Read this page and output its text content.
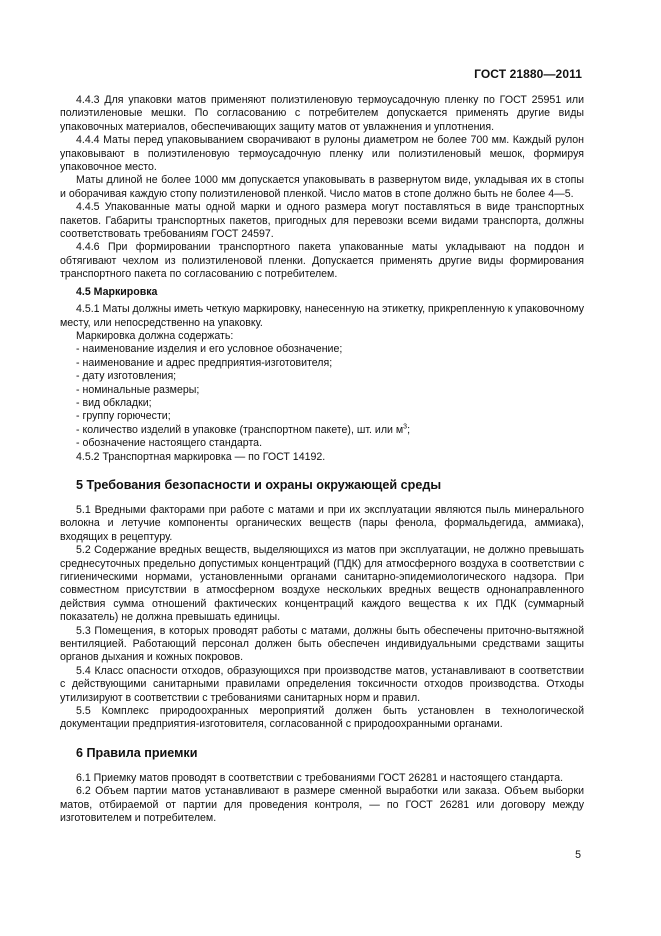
ГОСТ 21880—2011

4.4.3 Для упаковки матов применяют полиэтиленовую термоусадочную пленку по ГОСТ 25951 или полиэтиленовые мешки. По согласованию с потребителем допускается применять другие виды упаковочных материалов, обеспечивающих защиту матов от увлажнения и уплотнения.

4.4.4 Маты перед упаковыванием сворачивают в рулоны диаметром не более 700 мм. Каждый рулон упаковывают в полиэтиленовую термоусадочную пленку или полиэтиленовый мешок, формируя упаковочное место.

Маты длиной не более 1000 мм допускается упаковывать в развернутом виде, укладывая их в стопы и оборачивая каждую стопу полиэтиленовой пленкой. Число матов в стопе должно быть не более 4—5.

4.4.5 Упакованные маты одной марки и одного размера могут поставляться в виде транспортных пакетов. Габариты транспортных пакетов, пригодных для перевозки всеми видами транспорта, должны соответствовать требованиям ГОСТ 24597.

4.4.6 При формировании транспортного пакета упакованные маты укладывают на поддон и обтягивают чехлом из полиэтиленовой пленки. Допускается применять другие виды формирования транспортного пакета по согласованию с потребителем.

4.5 Маркировка

4.5.1 Маты должны иметь четкую маркировку, нанесенную на этикетку, прикрепленную к упаковочному месту, или непосредственно на упаковку.

Маркировка должна содержать:

- наименование изделия и его условное обозначение;

- наименование и адрес предприятия-изготовителя;

- дату изготовления;

- номинальные размеры;

- вид обкладки;

- группу горючести;

- количество изделий в упаковке (транспортном пакете), шт. или $м^3$;

- обозначение настоящего стандарта.

4.5.2 Транспортная маркировка — по ГОСТ 14192.

5 Требования безопасности и охраны окружающей среды

5.1 Вредными факторами при работе с матами и при их эксплуатации являются пыль минерального волокна и летучие компоненты органических веществ (пары фенола, формальдегида, аммиака), входящих в рецептуру.

5.2 Содержание вредных веществ, выделяющихся из матов при эксплуатации, не должно превышать среднесуточных предельно допустимых концентраций (ПДК) для атмосферного воздуха в соответствии с гигиеническими нормами, установленными органами санитарно-эпидемиологического надзора. При совместном присутствии в атмосферном воздухе нескольких вредных веществ однонаправленного действия сумма отношений фактических концентраций каждого вещества к их ПДК (суммарный показатель) не должна превышать единицы.

5.3 Помещения, в которых проводят работы с матами, должны быть обеспечены приточно-вытяжной вентиляцией. Работающий персонал должен быть обеспечен индивидуальными средствами защиты органов дыхания и кожных покровов.

5.4 Класс опасности отходов, образующихся при производстве матов, устанавливают в соответствии с действующими санитарными правилами определения токсичности отходов производства. Отходы утилизируют в соответствии с требованиями санитарных норм и правил.

5.5 Комплекс природоохранных мероприятий должен быть установлен в технологической документации предприятия-изготовителя, согласованной с природоохранными органами.

6 Правила приемки

6.1 Приемку матов проводят в соответствии с требованиями ГОСТ 26281 и настоящего стандарта.

6.2 Объем партии матов устанавливают в размере сменной выработки или заказа. Объем выборки матов, отбираемой от партии для проведения контроля, — по ГОСТ 26281 или договору между изготовителем и потребителем.

5
